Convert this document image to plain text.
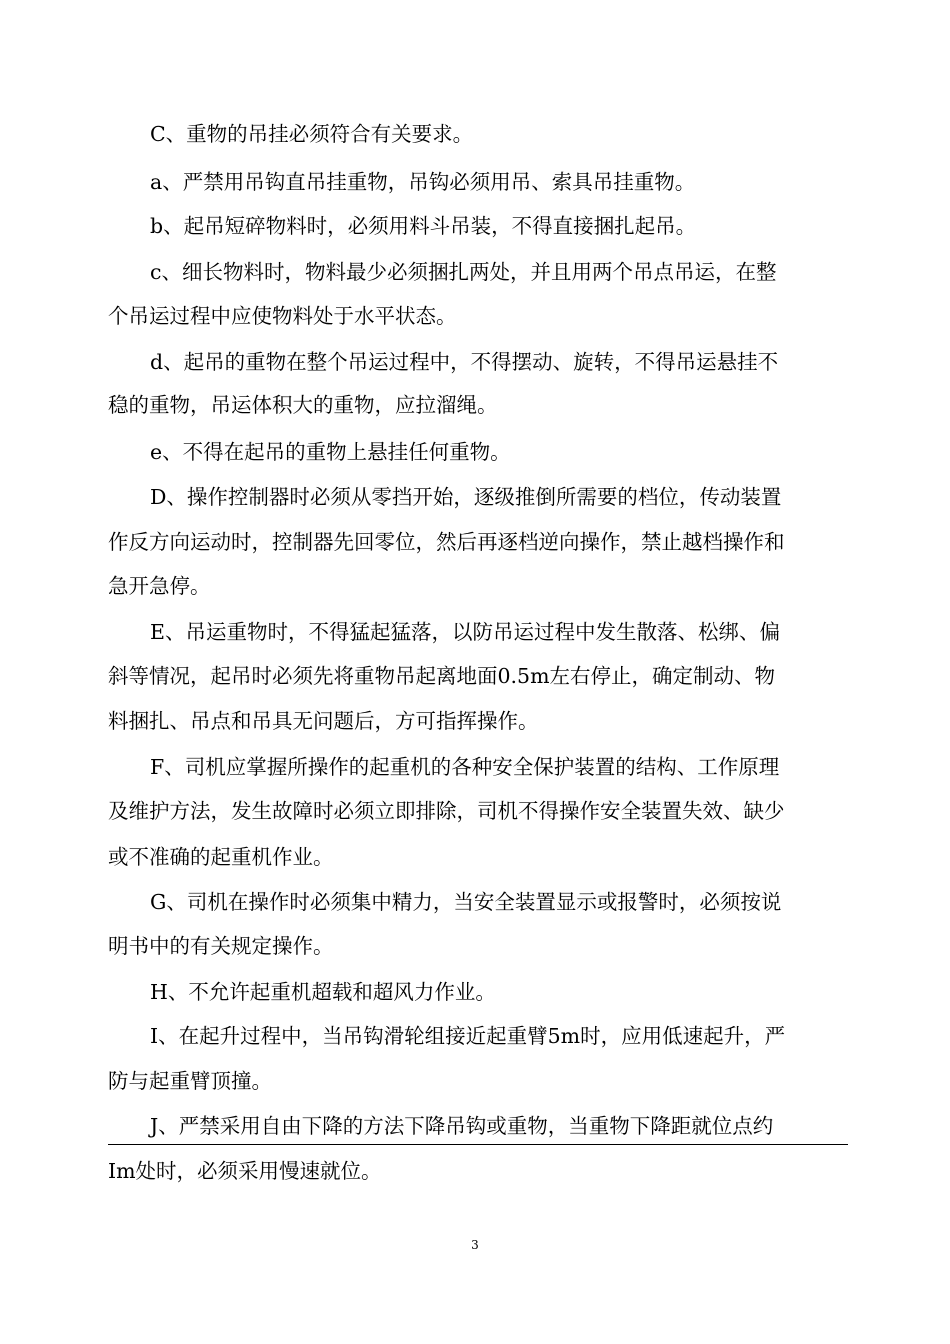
C、重物的吊挂必须符合有关要求。
a、严禁用吊钩直吊挂重物，吊钩必须用吊、索具吊挂重物。
b、起吊短碎物料时，必须用料斗吊装，不得直接捆扎起吊。
c、细长物料时，物料最少必须捆扎两处，并且用两个吊点吊运，在整
个吊运过程中应使物料处于水平状态。
d、起吊的重物在整个吊运过程中，不得摆动、旋转，不得吊运悬挂不
稳的重物，吊运体积大的重物，应拉溜绳。
e、不得在起吊的重物上悬挂任何重物。
D、操作控制器时必须从零挡开始，逐级推倒所需要的档位，传动装置
作反方向运动时，控制器先回零位，然后再逐档逆向操作，禁止越档操作和
急开急停。
E、吊运重物时，不得猛起猛落，以防吊运过程中发生散落、松绑、偏
斜等情况，起吊时必须先将重物吊起离地面0.5m左右停止，确定制动、物
料捆扎、吊点和吊具无问题后，方可指挥操作。
F、司机应掌握所操作的起重机的各种安全保护装置的结构、工作原理
及维护方法，发生故障时必须立即排除，司机不得操作安全装置失效、缺少
或不准确的起重机作业。
G、司机在操作时必须集中精力，当安全装置显示或报警时，必须按说
明书中的有关规定操作。
H、不允许起重机超载和超风力作业。
I、在起升过程中，当吊钩滑轮组接近起重臂5m时，应用低速起升，严
防与起重臂顶撞。
J、严禁采用自由下降的方法下降吊钩或重物，当重物下降距就位点约
Im处时，必须采用慢速就位。
3
